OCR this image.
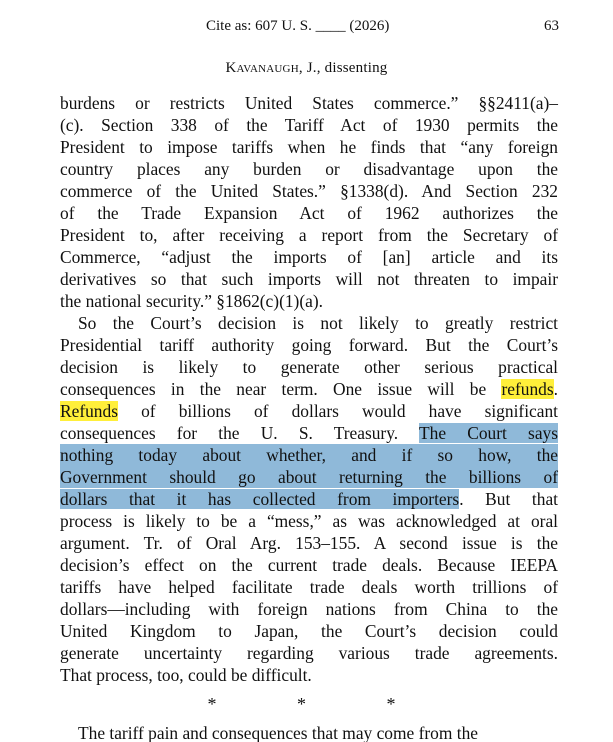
Cite as: 607 U. S. ____ (2026)	63
Kavanaugh, J., dissenting
burdens or restricts United States commerce.” §§2411(a)–
(c). Section 338 of the Tariff Act of 1930 permits the
President to impose tariffs when he finds that “any foreign
country places any burden or disadvantage upon the
commerce of the United States.” §1338(d). And Section 232
of the Trade Expansion Act of 1962 authorizes the
President to, after receiving a report from the Secretary of
Commerce, “adjust the imports of [an] article and its
derivatives so that such imports will not threaten to impair
the national security.” §1862(c)(1)(a).
So the Court’s decision is not likely to greatly restrict
Presidential tariff authority going forward. But the Court’s
decision is likely to generate other serious practical
consequences in the near term. One issue will be refunds.
Refunds of billions of dollars would have significant
consequences for the U. S. Treasury. The Court says
nothing today about whether, and if so how, the
Government should go about returning the billions of
dollars that it has collected from importers. But that
process is likely to be a “mess,” as was acknowledged at oral
argument. Tr. of Oral Arg. 153–155. A second issue is the
decision’s effect on the current trade deals. Because IEEPA
tariffs have helped facilitate trade deals worth trillions of
dollars—including with foreign nations from China to the
United Kingdom to Japan, the Court’s decision could
generate uncertainty regarding various trade agreements.
That process, too, could be difficult.
* * *
The tariff pain and consequences that may come from the
